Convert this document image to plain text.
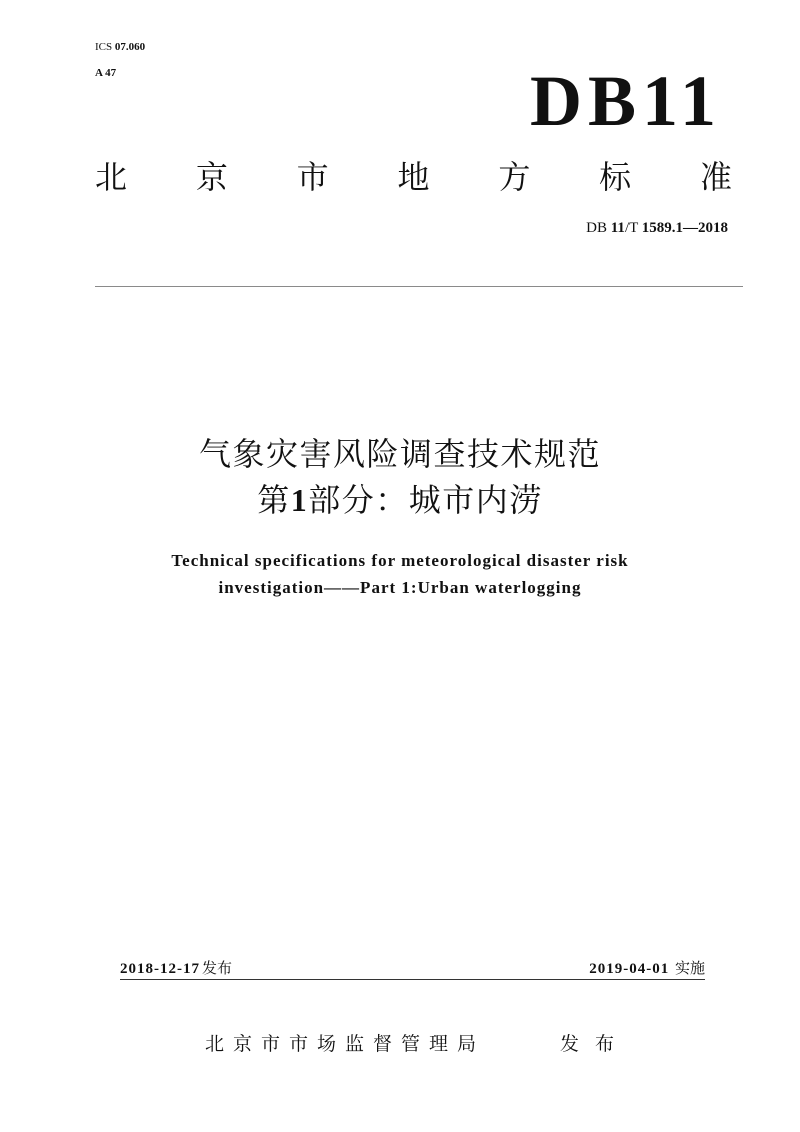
ICS 07.060
A 47	DB11
北 京 市 地 方 标 准
DB 11/T 1589.1—2018
气象灾害风险调查技术规范
第1部分：城市内涝
Technical specifications for meteorological disaster risk
investigation——Part 1:Urban waterlogging
2018-12-17 发布	2019-04-01 实施
北京市市场监督管理局	发布
